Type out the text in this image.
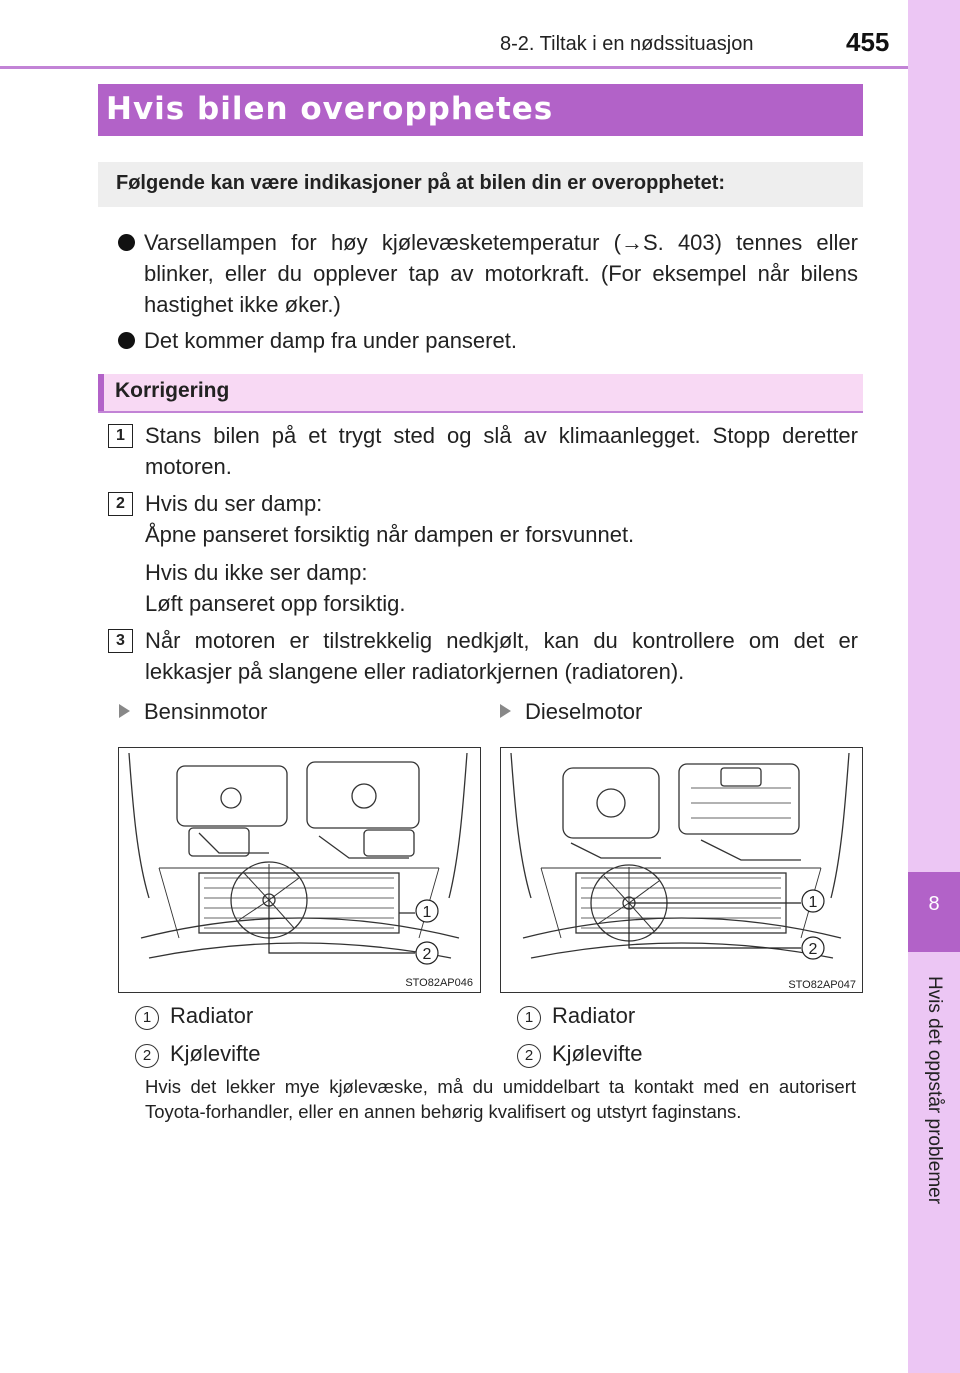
8-2. Tiltak i en nødssituasjon	455
8
Hvis det oppstår problemer
Hvis bilen overopphetes
Følgende kan være indikasjoner på at bilen din er overopphetet:
Varsellampen for høy kjølevæsketemperatur (→S. 403) tennes eller blinker, eller du opplever tap av motorkraft. (For eksempel når bilens hastighet ikke øker.)
Det kommer damp fra under panseret.
Korrigering
1 Stans bilen på et trygt sted og slå av klimaanlegget. Stopp deretter motoren.
2 Hvis du ser damp:
Åpne panseret forsiktig når dampen er forsvunnet.
Hvis du ikke ser damp:
Løft panseret opp forsiktig.
3 Når motoren er tilstrekkelig nedkjølt, kan du kontrollere om det er lekkasjer på slangene eller radiatorkjernen (radiatoren).
Bensinmotor	Dieselmotor
1
2
STO82AP046
1
2
STO82AP047
1 Radiator
2 Kjølevifte
1 Radiator
2 Kjølevifte
Hvis det lekker mye kjølevæske, må du umiddelbart ta kontakt med en autorisert Toyota-forhandler, eller en annen behørig kvalifisert og utstyrt faginstans.
